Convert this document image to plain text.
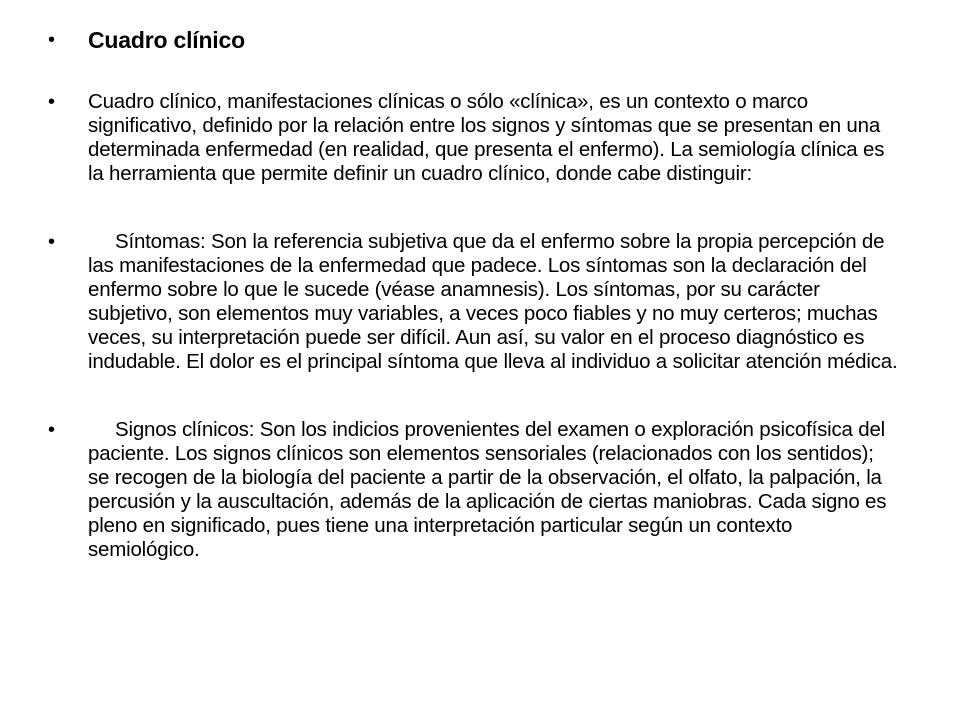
• Cuadro clínico
• Cuadro clínico, manifestaciones clínicas o sólo «clínica», es un contexto o marco significativo, definido por la relación entre los signos y síntomas que se presentan en una determinada enfermedad (en realidad, que presenta el enfermo). La semiología clínica es la herramienta que permite definir un cuadro clínico, donde cabe distinguir:
•	Síntomas: Son la referencia subjetiva que da el enfermo sobre la propia percepción de las manifestaciones de la enfermedad que padece. Los síntomas son la declaración del enfermo sobre lo que le sucede (véase anamnesis). Los síntomas, por su carácter subjetivo, son elementos muy variables, a veces poco fiables y no muy certeros; muchas veces, su interpretación puede ser difícil. Aun así, su valor en el proceso diagnóstico es indudable. El dolor es el principal síntoma que lleva al individuo a solicitar atención médica.
•	Signos clínicos: Son los indicios provenientes del examen o exploración psicofísica del paciente. Los signos clínicos son elementos sensoriales (relacionados con los sentidos); se recogen de la biología del paciente a partir de la observación, el olfato, la palpación, la percusión y la auscultación, además de la aplicación de ciertas maniobras. Cada signo es pleno en significado, pues tiene una interpretación particular según un contexto semiológico.
